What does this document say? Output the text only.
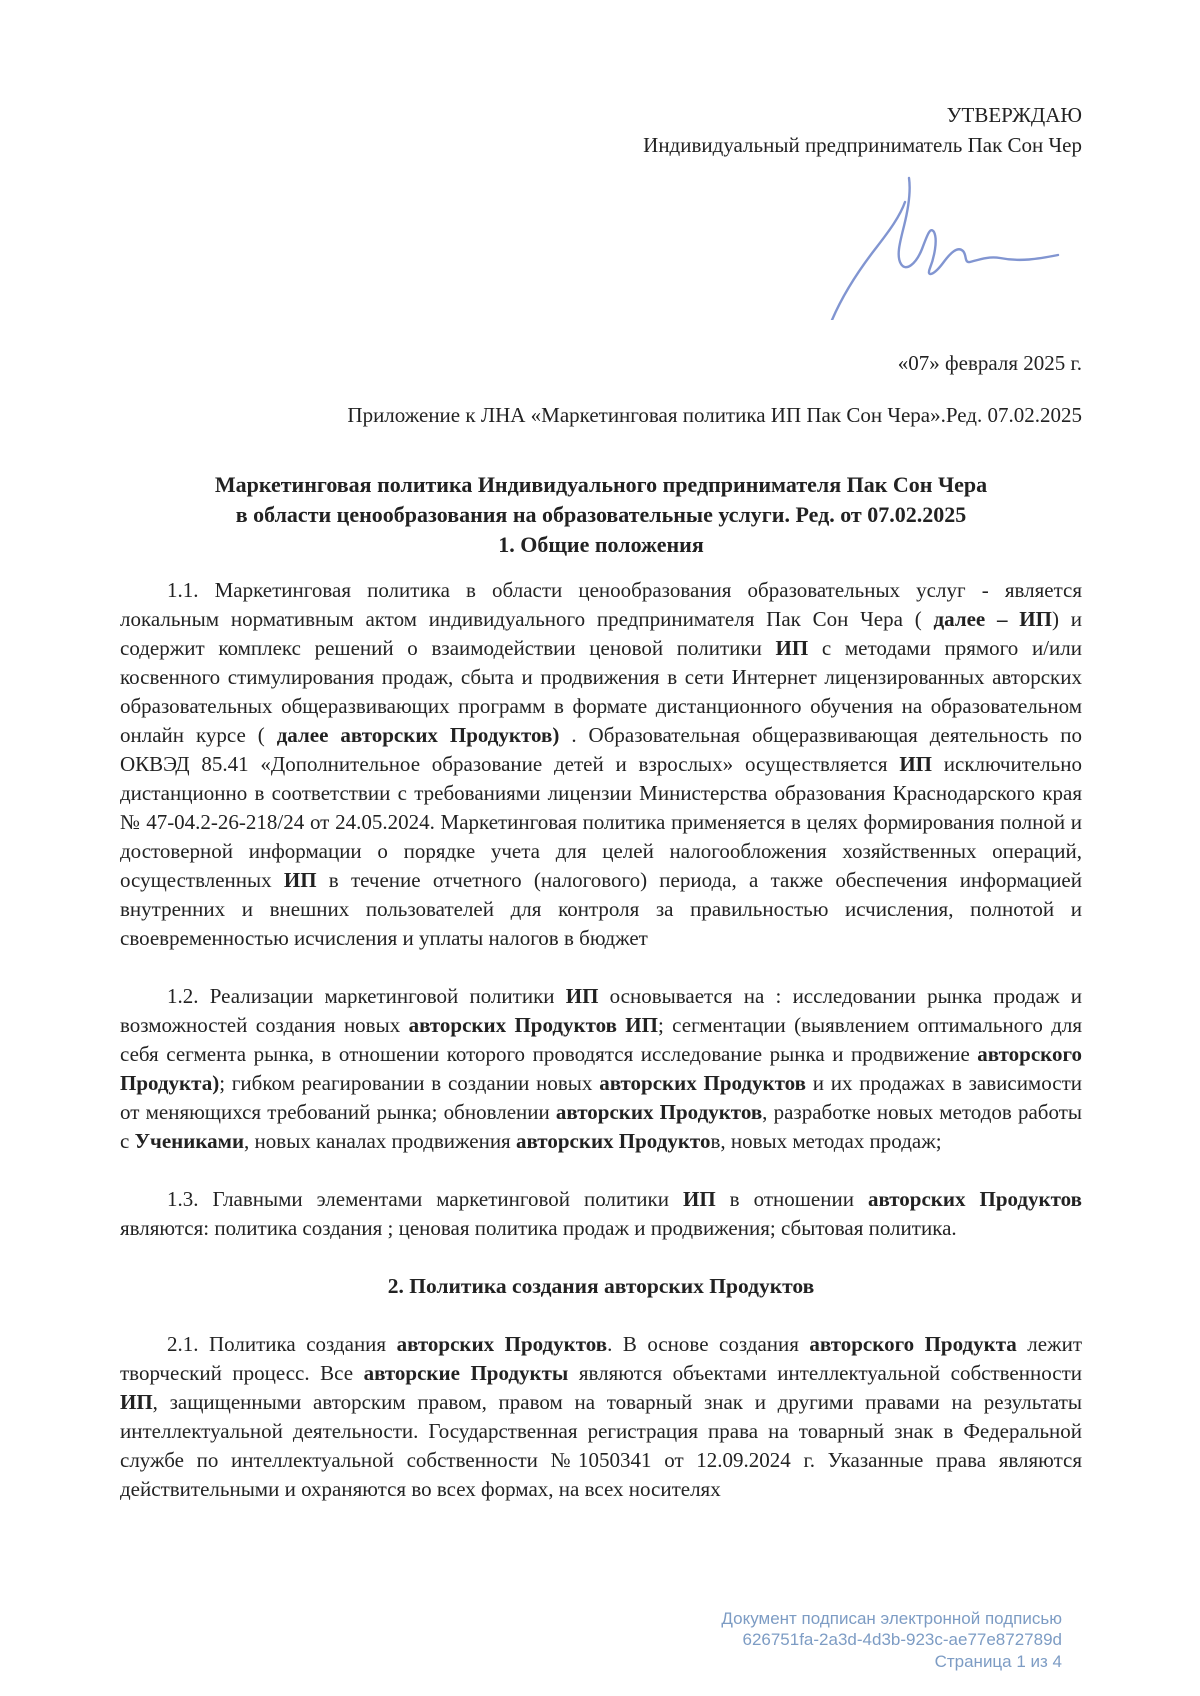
УТВЕРЖДАЮ
Индивидуальный предприниматель Пак Сон Чер
«07» февраля 2025 г.
Приложение к ЛНА «Маркетинговая политика ИП Пак Сон Чера».Ред. 07.02.2025
Маркетинговая политика Индивидуального предпринимателя Пак Сон Чера
в области ценообразования на образовательные услуги. Ред. от 07.02.2025
1. Общие положения

1.1. Маркетинговая политика в области ценообразования образовательных услуг - является локальным нормативным актом индивидуального предпринимателя Пак Сон Чера ( далее – ИП) и содержит комплекс решений о взаимодействии ценовой политики ИП с методами прямого и/или косвенного стимулирования продаж, сбыта и продвижения в сети Интернет лицензированных авторских образовательных общеразвивающих программ в формате дистанционного обучения на образовательном онлайн курсе ( далее авторских Продуктов) . Образовательная общеразвивающая деятельность по ОКВЭД 85.41 «Дополнительное образование детей и взрослых» осуществляется ИП исключительно дистанционно в соответствии с требованиями лицензии Министерства образования Краснодарского края № 47-04.2-26-218/24 от 24.05.2024. Маркетинговая политика применяется в целях формирования полной и достоверной информации о порядке учета для целей налогообложения хозяйственных операций, осуществленных ИП в течение отчетного (налогового) периода, а также обеспечения информацией внутренних и внешних пользователей для контроля за правильностью исчисления, полнотой и своевременностью исчисления и уплаты налогов в бюджет

1.2. Реализации маркетинговой политики ИП основывается на : исследовании рынка продаж и возможностей создания новых авторских Продуктов ИП; сегментации (выявлением оптимального для себя сегмента рынка, в отношении которого проводятся исследование рынка и продвижение авторского Продукта); гибком реагировании в создании новых авторских Продуктов и их продажах в зависимости от меняющихся требований рынка; обновлении авторских Продуктов, разработке новых методов работы с Учениками, новых каналах продвижения авторских Продуктов, новых методах продаж;

1.3. Главными элементами маркетинговой политики ИП в отношении авторских Продуктов являются: политика создания ; ценовая политика продаж и продвижения; сбытовая политика.

2. Политика создания авторских Продуктов

2.1. Политика создания авторских Продуктов. В основе создания авторского Продукта лежит творческий процесс. Все авторские Продукты являются объектами интеллектуальной собственности ИП, защищенными авторским правом, правом на товарный знак и другими правами на результаты интеллектуальной деятельности. Государственная регистрация права на товарный знак в Федеральной службе по интеллектуальной собственности №1050341 от 12.09.2024 г. Указанные права являются действительными и охраняются во всех формах, на всех носителях

Документ подписан электронной подписью
626751fa-2a3d-4d3b-923c-ae77e872789d
Страница 1 из 4
